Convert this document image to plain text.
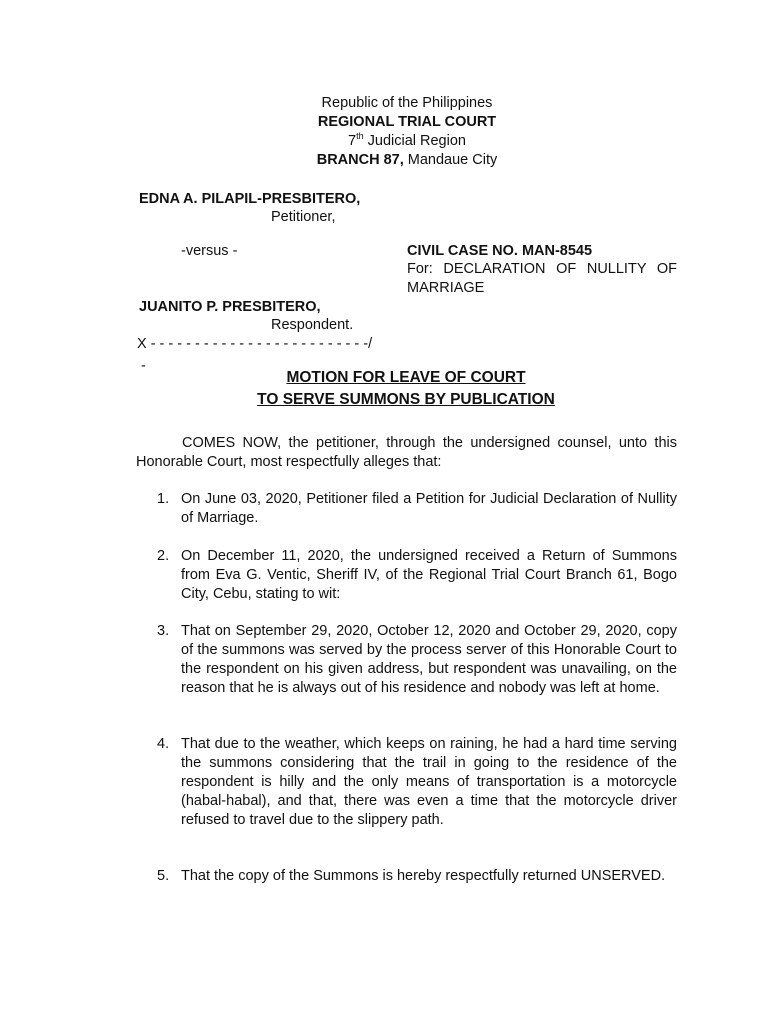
Republic of the Philippines
REGIONAL TRIAL COURT
7th Judicial Region
BRANCH 87, Mandaue City
EDNA A. PILAPIL-PRESBITERO,
Petitioner,
-versus -	CIVIL CASE NO. MAN-8545
For: DECLARATION OF NULLITY OF MARRIAGE
JUANITO P. PRESBITERO,
Respondent.
X - - - - - - - - - - - - - - - - - - - - - - - - -/
-
MOTION FOR LEAVE OF COURT
TO SERVE SUMMONS BY PUBLICATION
COMES NOW, the petitioner, through the undersigned counsel, unto this Honorable Court, most respectfully alleges that:
1. On June 03, 2020, Petitioner filed a Petition for Judicial Declaration of Nullity of Marriage.
2. On December 11, 2020, the undersigned received a Return of Summons from Eva G. Ventic, Sheriff IV, of the Regional Trial Court Branch 61, Bogo City, Cebu, stating to wit:
3. That on September 29, 2020, October 12, 2020 and October 29, 2020, copy of the summons was served by the process server of this Honorable Court to the respondent on his given address, but respondent was unavailing, on the reason that he is always out of his residence and nobody was left at home.
4. That due to the weather, which keeps on raining, he had a hard time serving the summons considering that the trail in going to the residence of the respondent is hilly and the only means of transportation is a motorcycle (habal-habal), and that, there was even a time that the motorcycle driver refused to travel due to the slippery path.
5. That the copy of the Summons is hereby respectfully returned UNSERVED.
